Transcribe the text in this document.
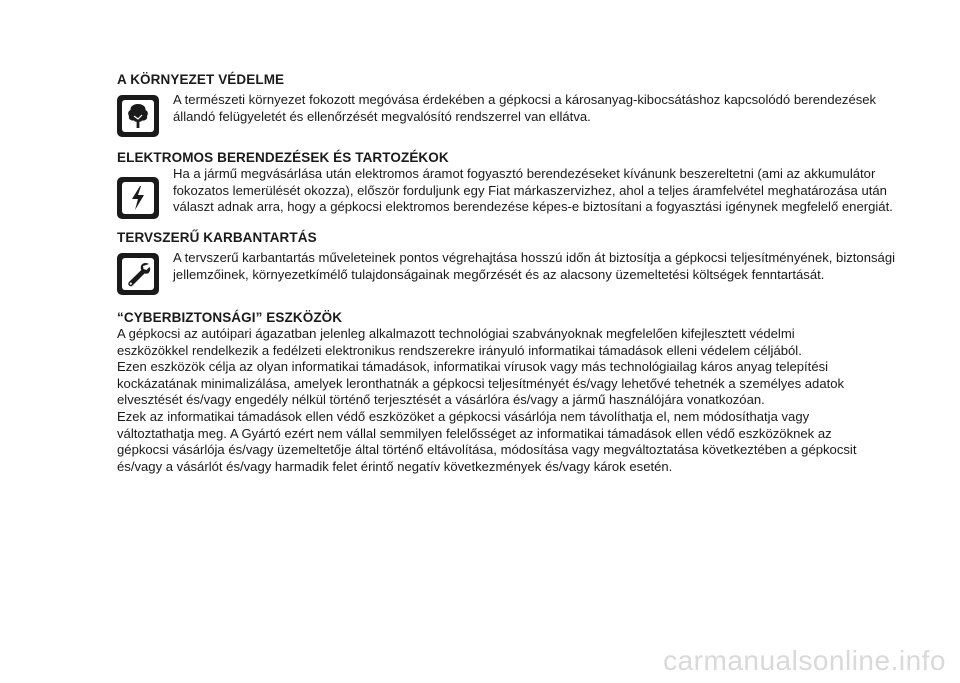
A KÖRNYEZET VÉDELME

A természeti környezet fokozott megóvása érdekében a gépkocsi a károsanyag-kibocsátáshoz kapcsolódó berendezések
állandó felügyeletét és ellenőrzését megvalósító rendszerrel van ellátva.

ELEKTROMOS BERENDEZÉSEK ÉS TARTOZÉKOK

Ha a jármű megvásárlása után elektromos áramot fogyasztó berendezéseket kívánunk beszereltetni (ami az akkumulátor
fokozatos lemerülését okozza), először forduljunk egy Fiat márkaszervizhez, ahol a teljes áramfelvétel meghatározása után
választ adnak arra, hogy a gépkocsi elektromos berendezése képes-e biztosítani a fogyasztási igénynek megfelelő energiát.

TERVSZERŰ KARBANTARTÁS

A tervszerű karbantartás műveleteinek pontos végrehajtása hosszú időn át biztosítja a gépkocsi teljesítményének, biztonsági
jellemzőinek, környezetkímélő tulajdonságainak megőrzését és az alacsony üzemeltetési költségek fenntartását.

“CYBERBIZTONSÁGI” ESZKÖZÖK
A gépkocsi az autóipari ágazatban jelenleg alkalmazott technológiai szabványoknak megfelelően kifejlesztett védelmi
eszközökkel rendelkezik a fedélzeti elektronikus rendszerekre irányuló informatikai támadások elleni védelem céljából.
Ezen eszközök célja az olyan informatikai támadások, informatikai vírusok vagy más technológiailag káros anyag telepítési
kockázatának minimalizálása, amelyek leronthatnák a gépkocsi teljesítményét és/vagy lehetővé tehetnék a személyes adatok
elvesztését és/vagy engedély nélkül történő terjesztését a vásárlóra és/vagy a jármű használójára vonatkozóan.
Ezek az informatikai támadások ellen védő eszközöket a gépkocsi vásárlója nem távolíthatja el, nem módosíthatja vagy
változtathatja meg. A Gyártó ezért nem vállal semmilyen felelősséget az informatikai támadások ellen védő eszközöknek az
gépkocsi vásárlója és/vagy üzemeltetője által történő eltávolítása, módosítása vagy megváltoztatása következtében a gépkocsit
és/vagy a vásárlót és/vagy harmadik felet érintő negatív következmények és/vagy károk esetén.
carmanualsonline.info
